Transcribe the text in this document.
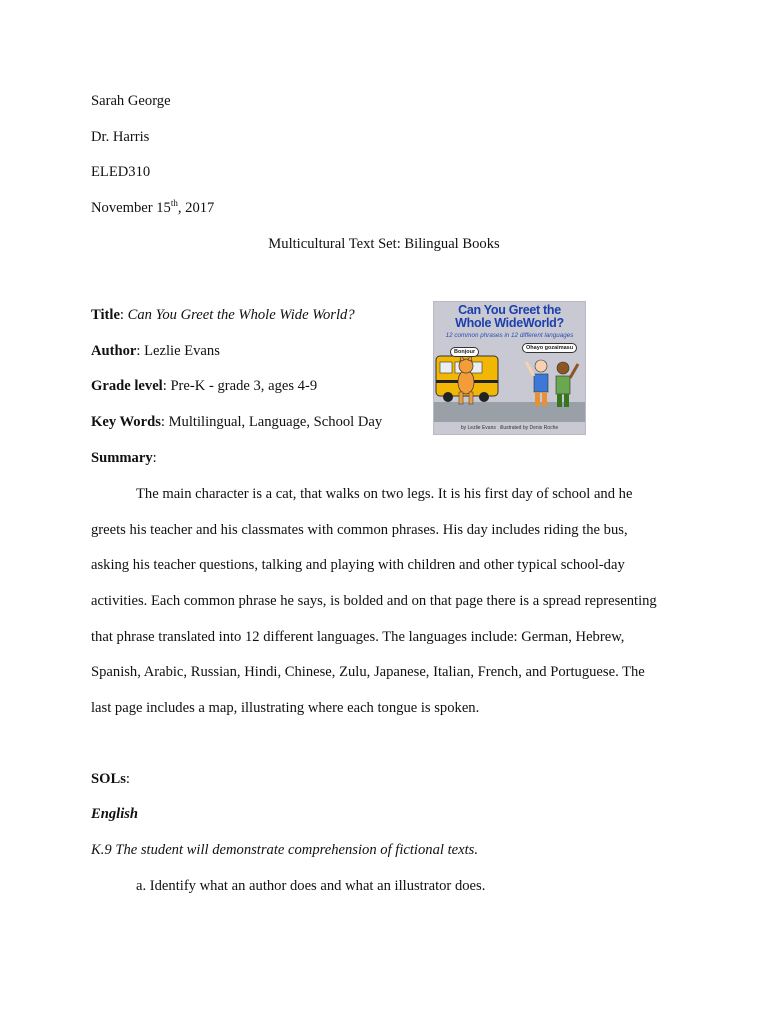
Sarah George
Dr. Harris
ELED310
November 15th, 2017
Multicultural Text Set: Bilingual Books
Title: Can You Greet the Whole Wide World?
Author: Lezlie Evans
Grade level: Pre-K - grade 3, ages 4-9
Key Words: Multilingual, Language, School Day
Summary:
Can You Greet the
Whole WideWorld?
12 common phrases in 12 different languages
Bonjour
Ohayo gozaimasu
by Lezlie Evans illustrated by Denis Roche
The main character is a cat, that walks on two legs. It is his first day of school and he
greets his teacher and his classmates with common phrases. His day includes riding the bus,
asking his teacher questions, talking and playing with children and other typical school-day
activities. Each common phrase he says, is bolded and on that page there is a spread representing
that phrase translated into 12 different languages. The languages include: German, Hebrew,
Spanish, Arabic, Russian, Hindi, Chinese, Zulu, Japanese, Italian, French, and Portuguese. The
last page includes a map, illustrating where each tongue is spoken.
SOLs:
English
K.9 The student will demonstrate comprehension of fictional texts.
a. Identify what an author does and what an illustrator does.
